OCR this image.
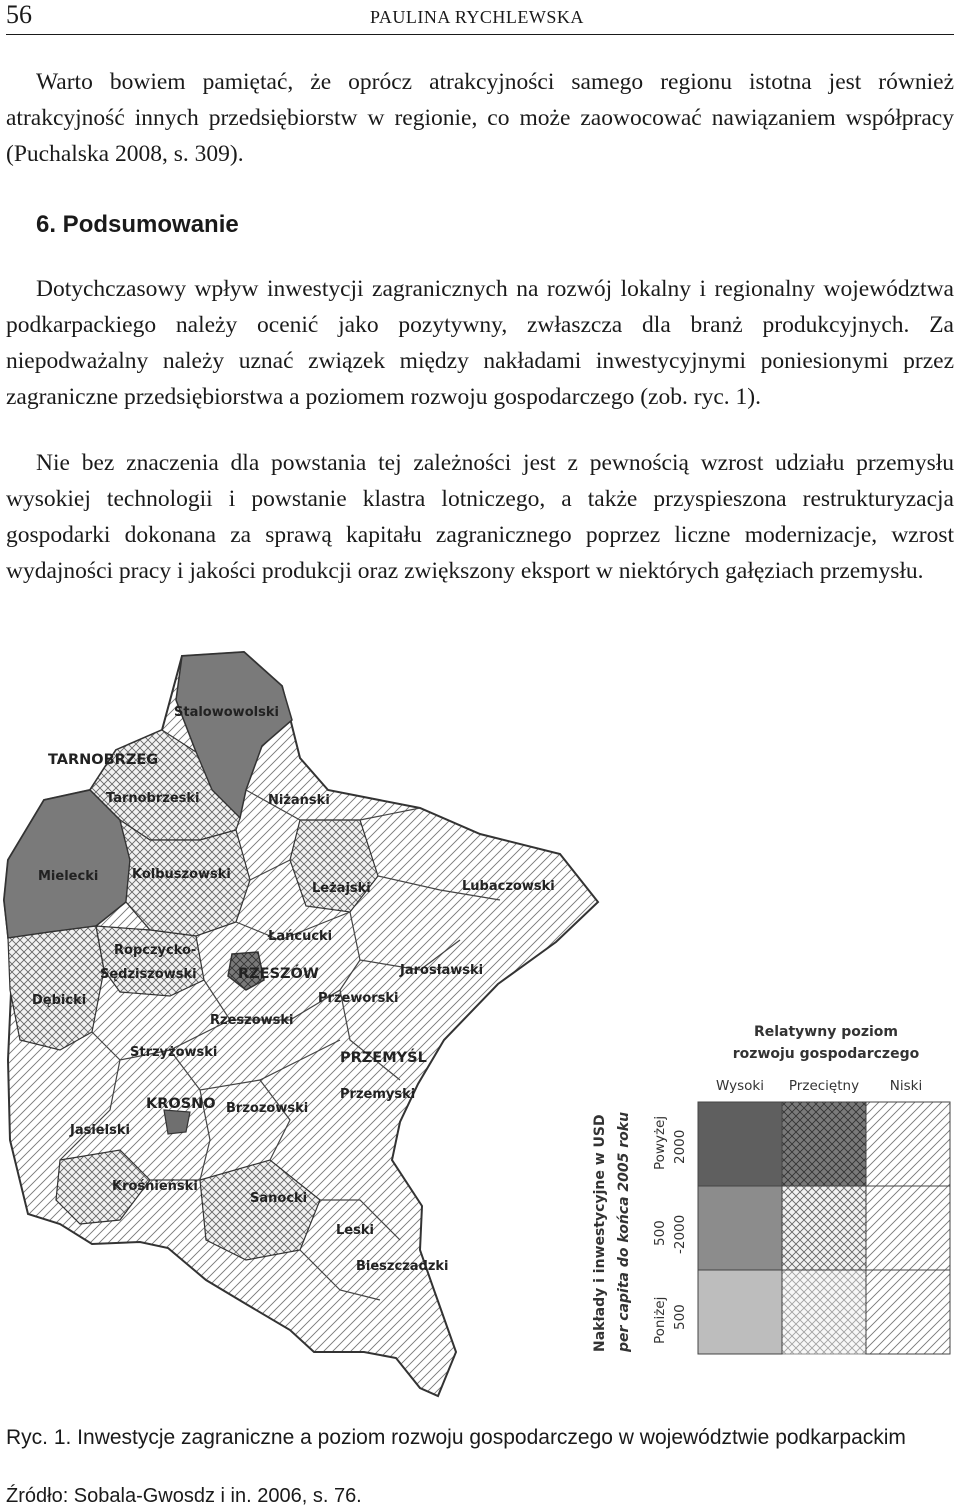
56	PAULINA RYCHLEWSKA

Warto bowiem pamiętać, że oprócz atrakcyjności samego regionu istotna jest również atrakcyjność innych przedsiębiorstw w regionie, co może zaowocować nawiązaniem współpracy (Puchalska 2008, s. 309).

6. Podsumowanie

Dotychczasowy wpływ inwestycji zagranicznych na rozwój lokalny i regionalny województwa podkarpackiego należy ocenić jako pozytywny, zwłaszcza dla branż produkcyjnych. Za niepodważalny należy uznać związek między nakładami inwestycyjnymi poniesionymi przez zagraniczne przedsiębiorstwa a poziomem rozwoju gospodarczego (zob. ryc. 1).

Nie bez znaczenia dla powstania tej zależności jest z pewnością wzrost udziału przemysłu wysokiej technologii i powstanie klastra lotniczego, a także przyspieszona restrukturyzacja gospodarki dokonana za sprawą kapitału zagranicznego poprzez liczne modernizacje, wzrost wydajności pracy i jakości produkcji oraz zwiększony eksport w niektórych gałęziach przemysłu.

Stalowowolski
TARNOBRZEG
Tarnobrzeski	Niżański
Mielecki	Kolbuszowski
Leżajski	Lubaczowski
Łańcucki
Ropczycko-
Sędziszowski	RZESZÓW	Jarosławski
Dębicki	Przeworski
Rzeszowski
Strzyżowski	PRZEMYŚL
Przemyski
KROSNO Brzozowski
Jasielski
Krośnieński
Sanocki
Leski
Bieszczadzki
Relatywny poziom
rozwoju gospodarczego
Wysoki Przeciętny Niski
Nakłady i inwestycyjne w USD per capita do końca 2005 roku Powyżej 2000
500 -2000
Poniżej 500

Ryc. 1. Inwestycje zagraniczne a poziom rozwoju gospodarczego w województwie podkarpackim

Źródło: Sobala-Gwosdz i in. 2006, s. 76.
